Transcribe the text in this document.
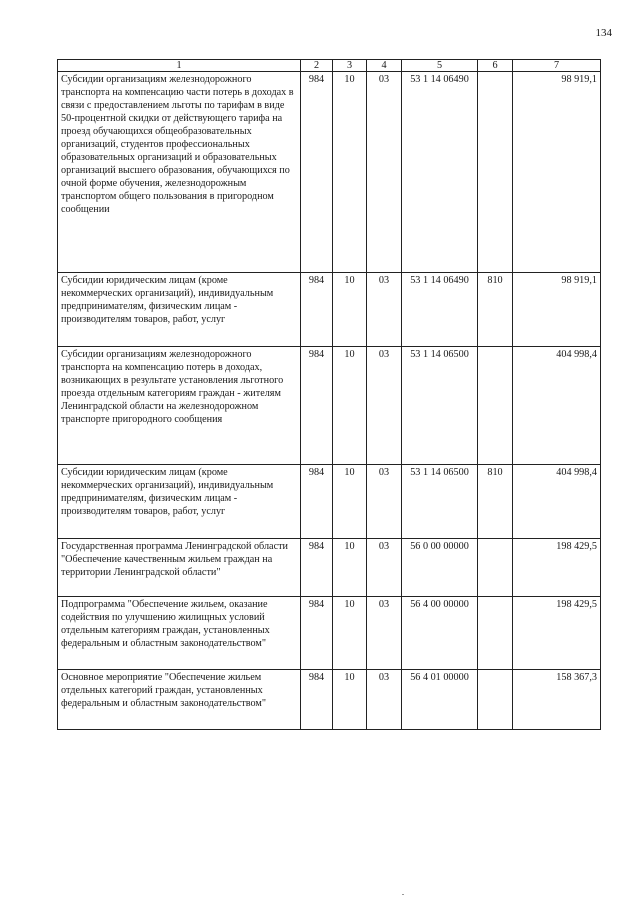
134
1	2	3	4	5	6	7
Субсидии организациям железнодорожного транспорта на компенсацию части потерь в доходах в связи с предоставлением льготы по тарифам в виде 50-процентной скидки от действующего тарифа на проезд обучающихся общеобразовательных организаций, студентов профессиональных образовательных организаций и образовательных организаций высшего образования, обучающихся по очной форме обучения, железнодорожным транспортом общего пользования в пригородном сообщении	984	10	03	53 1 14 06490		98 919,1
Субсидии юридическим лицам (кроме некоммерческих организаций), индивидуальным предпринимателям, физическим лицам - производителям товаров, работ, услуг	984	10	03	53 1 14 06490	810	98 919,1
Субсидии организациям железнодорожного транспорта на компенсацию потерь в доходах, возникающих в результате установления льготного проезда отдельным категориям граждан - жителям Ленинградской области на железнодорожном транспорте пригородного сообщения	984	10	03	53 1 14 06500		404 998,4
Субсидии юридическим лицам (кроме некоммерческих организаций), индивидуальным предпринимателям, физическим лицам - производителям товаров, работ, услуг	984	10	03	53 1 14 06500	810	404 998,4
Государственная программа Ленинградской области "Обеспечение качественным жильем граждан на территории Ленинградской области"	984	10	03	56 0 00 00000		198 429,5
Подпрограмма "Обеспечение жильем, оказание содействия по улучшению жилищных условий отдельным категориям граждан, установленных федеральным и областным законодательством"	984	10	03	56 4 00 00000		198 429,5
Основное мероприятие "Обеспечение жильем отдельных категорий граждан, установленных федеральным и областным законодательством"	984	10	03	56 4 01 00000		158 367,3
